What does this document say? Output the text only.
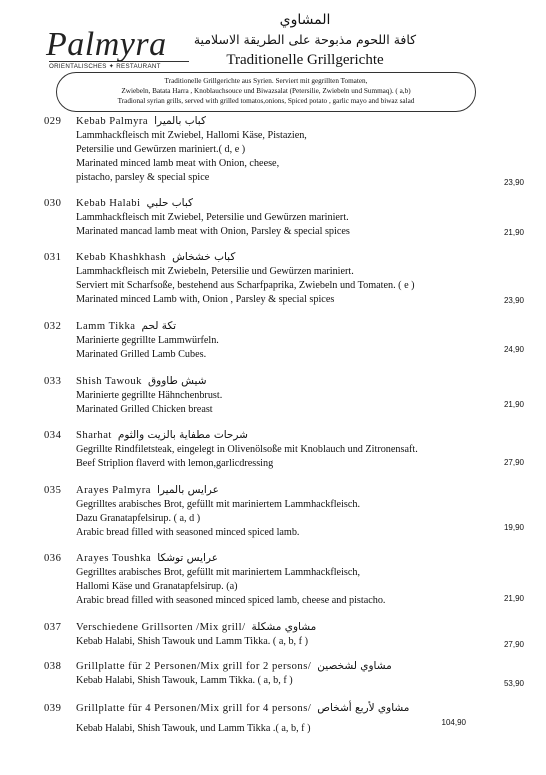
Palmyra
ORIENTALISCHES ✦ RESTAURANT
المشاوي
كافة اللحوم مذبوحة على الطريقة الاسلامية
Traditionelle Grillgerichte
Traditionelle Grillgerichte aus Syrien. Serviert mit gegrillten Tomaten,
Zwiebeln, Batata Harra , Knoblauchsouce und Biwazsalat (Petersilie, Zwiebeln und Summaq). ( a,b)
Tradional syrian grills, served with grilled tomatos,onions, Spiced potato , garlic mayo and biwaz salad
029	Kebab Palmyra كباب بالميرا
Lammhackfleisch mit Zwiebel, Hallomi Käse, Pistazien,
Petersilie und Gewürzen mariniert.( d, e )
Marinated minced lamb meat with Onion, cheese,
pistacho, parsley & special spice	23,90
030	Kebab Halabi كباب حلبي
Lammhackfleisch mit Zwiebel, Petersilie und Gewürzen mariniert.
Marinated mancad lamb meat with Onion, Parsley & special spices	21,90
031	Kebab Khashkhash كباب خشخاش
Lammhackfleisch mit Zwiebeln, Petersilie und Gewürzen mariniert.
Serviert mit Scharfsoße, bestehend aus Scharfpaprika, Zwiebeln und Tomaten. ( e )
Marinated minced Lamb with, Onion , Parsley & special spices	23,90
032	Lamm Tikka تكة لحم
Marinierte gegrillte Lammwürfeln.
Marinated Grilled Lamb Cubes.	24,90
033	Shish Tawouk شيش طاووق
Marinierte gegrillte Hähnchenbrust.
Marinated Grilled Chicken breast	21,90
034	Sharhat شرحات مطفاية بالزيت والثوم
Gegrillte Rindfiletsteak, eingelegt in Olivenölsoße mit Knoblauch und Zitronensaft.
Beef Striplion flaverd with lemon,garlicdressing	27,90
035	Arayes Palmyra عرايس بالميرا
Gegrilltes arabisches Brot, gefüllt mit mariniertem Lammhackfleisch.
Dazu Granatapfelsirup. ( a, d )
Arabic bread filled with seasoned minced spiced lamb.	19,90
036	Arayes Toushka عرايس توشكا
Gegrilltes arabisches Brot, gefüllt mit mariniertem Lammhackfleisch,
Hallomi Käse und Granatapfelsirup. (a)
Arabic bread filled with seasoned minced spiced lamb, cheese and pistacho.	21,90
037	Verschiedene Grillsorten /Mix grill/ مشاوي مشكلة
Kebab Halabi, Shish Tawouk und Lamm Tikka. ( a, b, f )	27,90
038	Grillplatte für 2 Personen/Mix grill for 2 persons/ مشاوي لشخصين
Kebab Halabi, Shish Tawouk, Lamm Tikka. ( a, b, f )	53,90
039	Grillplatte für 4 Personen/Mix grill for 4 persons/ مشاوي لأربع أشخاص
Kebab Halabi, Shish Tawouk, und Lamm Tikka .( a, b, f )
104,90
